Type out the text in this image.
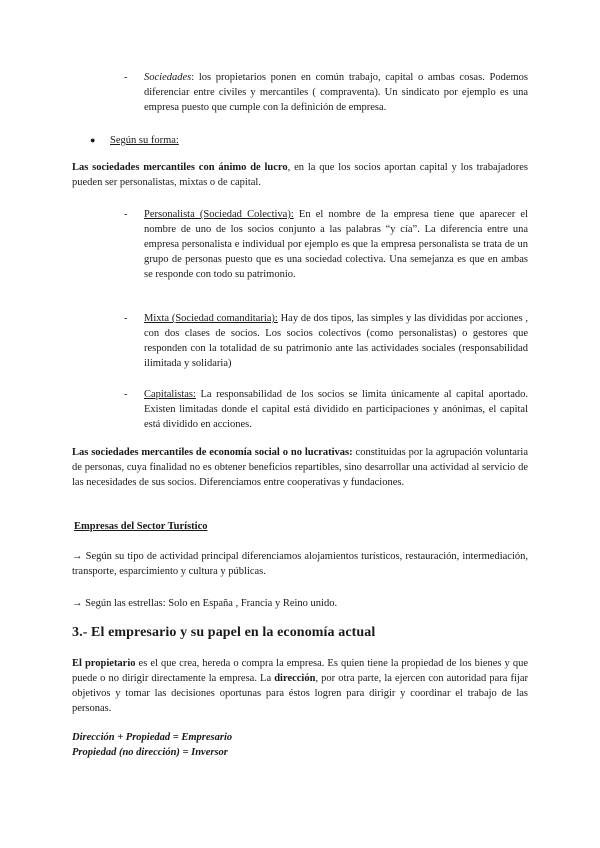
- Sociedades: los propietarios ponen en común trabajo, capital o ambas cosas. Podemos diferenciar entre civiles y mercantiles ( compraventa). Un sindicato por ejemplo es una empresa puesto que cumple con la definición de empresa.
● Según su forma:
Las sociedades mercantiles con ánimo de lucro, en la que los socios aportan capital y los trabajadores pueden ser personalistas, mixtas o de capital.
- Personalista (Sociedad Colectiva): En el nombre de la empresa tiene que aparecer el nombre de uno de los socios conjunto a las palabras “y cía”. La diferencia entre una empresa personalista e individual por ejemplo es que la empresa personalista se trata de un grupo de personas puesto que es una sociedad colectiva. Una semejanza es que en ambas se responde con todo su patrimonio.
- Mixta (Sociedad comanditaria): Hay de dos tipos, las simples y las divididas por acciones , con dos clases de socios. Los socios colectivos (como personalistas) o gestores que responden con la totalidad de su patrimonio ante las actividades sociales (responsabilidad ilimitada y solidaria)
- Capitalistas: La responsabilidad de los socios se limita únicamente al capital aportado. Existen limitadas donde el capital está dividido en participaciones y anónimas, el capital está dividido en acciones.
Las sociedades mercantiles de economía social o no lucrativas: constituidas por la agrupación voluntaria de personas, cuya finalidad no es obtener beneficios repartibles, sino desarrollar una actividad al servicio de las necesidades de sus socios. Diferenciamos entre cooperativas y fundaciones.
Empresas del Sector Turístico
→ Según su tipo de actividad principal diferenciamos alojamientos turísticos, restauración, intermediación, transporte, esparcimiento y cultura y públicas.
→ Según las estrellas: Solo en España , Francia y Reino unido.
3.- El empresario y su papel en la economía actual
El propietario es el que crea, hereda o compra la empresa. Es quien tiene la propiedad de los bienes y que puede o no dirigir directamente la empresa. La dirección, por otra parte, la ejercen con autoridad para fijar objetivos y tomar las decisiones oportunas para éstos logren para dirigir y coordinar el trabajo de las personas.
Dirección + Propiedad = Empresario
Propiedad (no dirección) = Inversor
